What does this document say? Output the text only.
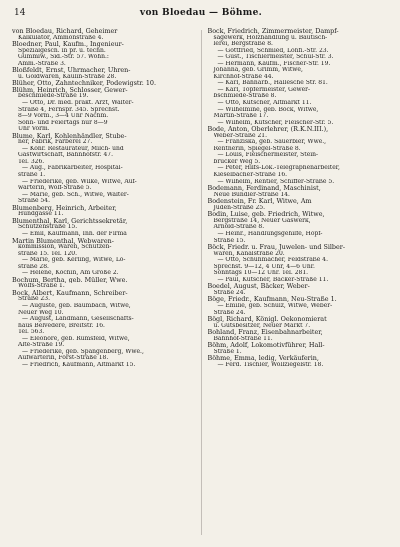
14	von Bloedau — Böhme.
von Bloedau, Richard, Geheimer
Kalkulator, Ammonstraße 4.
Bloedner, Paul, Kaufm., Ingenieur-
Spezialgesch. in pr. u. techn.
Gummiw., Sid.-Str. 57. Wohn.:
Amm.-Straße 3.
Bloßfeldt, Ernst, Uhrmacher, Uhren-
u. Goldwaren, Kaulin-Straße 28.
Blüher, Otto, Zahntechniker, Podewigstr. 10.
Blühm, Heinrich, Schlosser, Gewer-
beschmiede-Straße 19.
— Otto, Dr. med. prakt. Arzt, Walter-
Straße 4, Fernspr. 345. Sprechst.
8—9 Vorm., 3—4 Uhr Nachm.
Sonn- und Feiertags nur 8—9
Uhr Vorm.
Blume, Karl, Kohlenhändler, Stube-
ner, Fabrik, Färberei 27.
— Konr. Restaurateur, Milch- und
Gastwirtschaft, Bahnhofstr. 47.
Tel. 326.
— Aug., Fabrikarbeiter, Hospital-
straße 1.
— Friederike, geb. Wilke, Witwe, Auf-
wärterin, Wolf-Straße 5.
— Marie, geb. Sch., Witwe, Walter-
Straße 54.
Blumenberg, Heinrich, Arbeiter,
Hundgasse 11.
Blumenthal, Karl, Gerichtssekretär,
Schützenstraße 15.
— Emil, Kaufmann, Inh. der Firma
Martin Blumenthal, Webwaren-
kommission, Waren, Schützen-
straße 15. Tel. 120.
— Marie, geb. Kerling, Witwe, Lo-
straße 28.
— Helene, Köchin, Am Große 2.
Bochum, Bertha, geb. Müller, Wwe.
Wolfs-Straße 1.
Bock, Albert, Kaufmann, Schreiber-
Straße 23.
— Auguste, geb. Baumbach, Witwe,
Neuer Weg 10.
— August, Landmann, Gesellschafts-
haus Belvedere, Breitstr. 16.
Tel. 563.
— Eleonore, geb. Rumsfeld, Witwe,
Alte-Straße 19.
— Friederike, geb. Spangenberg, Wwe.,
Aufwärterin, Forst-Straße 18.
— Friedrich, Kaufmann, Altmarkt 15.
Bock, Friedrich, Zimmermeister, Dampf-
sägewerk, Holzhandlung u. Bautisch-
lerei, Bergstraße 8.
— Gottfried, Schmied, Lohfi.-Str. 23.
— Gust., Tischlermeister, Schul-Str. 3.
— Hermann, Kaufm., Fischer-Str. 19.
Johanna, geb. Grimm, Witwe,
Kirchhof-Straße 44.
— Karl, Bahnarb., Hallesche Str. 81.
— Karl, Töpfermeister, Gewer-
bschmiede-Straße 8.
— Otto, Kutscher, Altmarkt 11.
— Wilhelmine, geb. Bock, Witwe,
Martin-Straße 17.
— Wilhelm, Kutscher, Fleischer-Str. 5.
Bode, Anton, Oberlehrer, (R.K.N.III.),
Weber-Straße 21.
— Franziska, geb. Sauerbier, Wwe.,
Rentnerin, Spiegel-Straße 8.
— Louis, Fleischermeister, Stein-
brücker Weg 5.
— Peter, Hilfs-Lok.-Telegraphenarbeiter,
Kieselbacher-Straße 16.
— Wilhelm, Rentier, Schiffer-Straße 5.
Bodemann, Ferdinand, Maschinist,
Neue Bündler-Straße 14.
Bodenstein, Fr. Karl, Witwe, Am
Juden-Straße 25.
Bodin, Luise, geb. Friedrich, Witwe,
Bergstraße 14, Neuer Gaswerk,
Arnold-Straße 8.
— Heinr., Handlungsgehilfe, Hopf-
Straße 15.
Böck, Friedr. u. Frau, Juwelen- und Silber-
waren, Kanalstraße 20.
— Otto, Schuhmacher, Feldstraße 4.
Sprechst. 9—12, 4 Uhr, 4—6 Uhr.
Sonntags 10—12 Uhr. Tel. 281.
— Paul, Kutscher, Bäcker-Straße 11.
Boedel, August, Bäcker, Weber-
Straße 24.
Böge, Friedr., Kaufmann, Neu-Straße 1.
— Emilie, geb. Schulz, Witwe, Weber-
Straße 24.
Bögl, Richard, Königl. Oekonomierat
u. Gutsbesitzer, Neuer Markt 7.
Bohland, Franz, Eisenbahnarbeiter,
Bahnhof-Straße 11.
Böhm, Adolf, Lokomotivführer, Hall-
Straße 1.
Böhme, Emma, ledig, Verkäuferin,
— Ferd. Tischler, Wöllziegelstr. 18.
